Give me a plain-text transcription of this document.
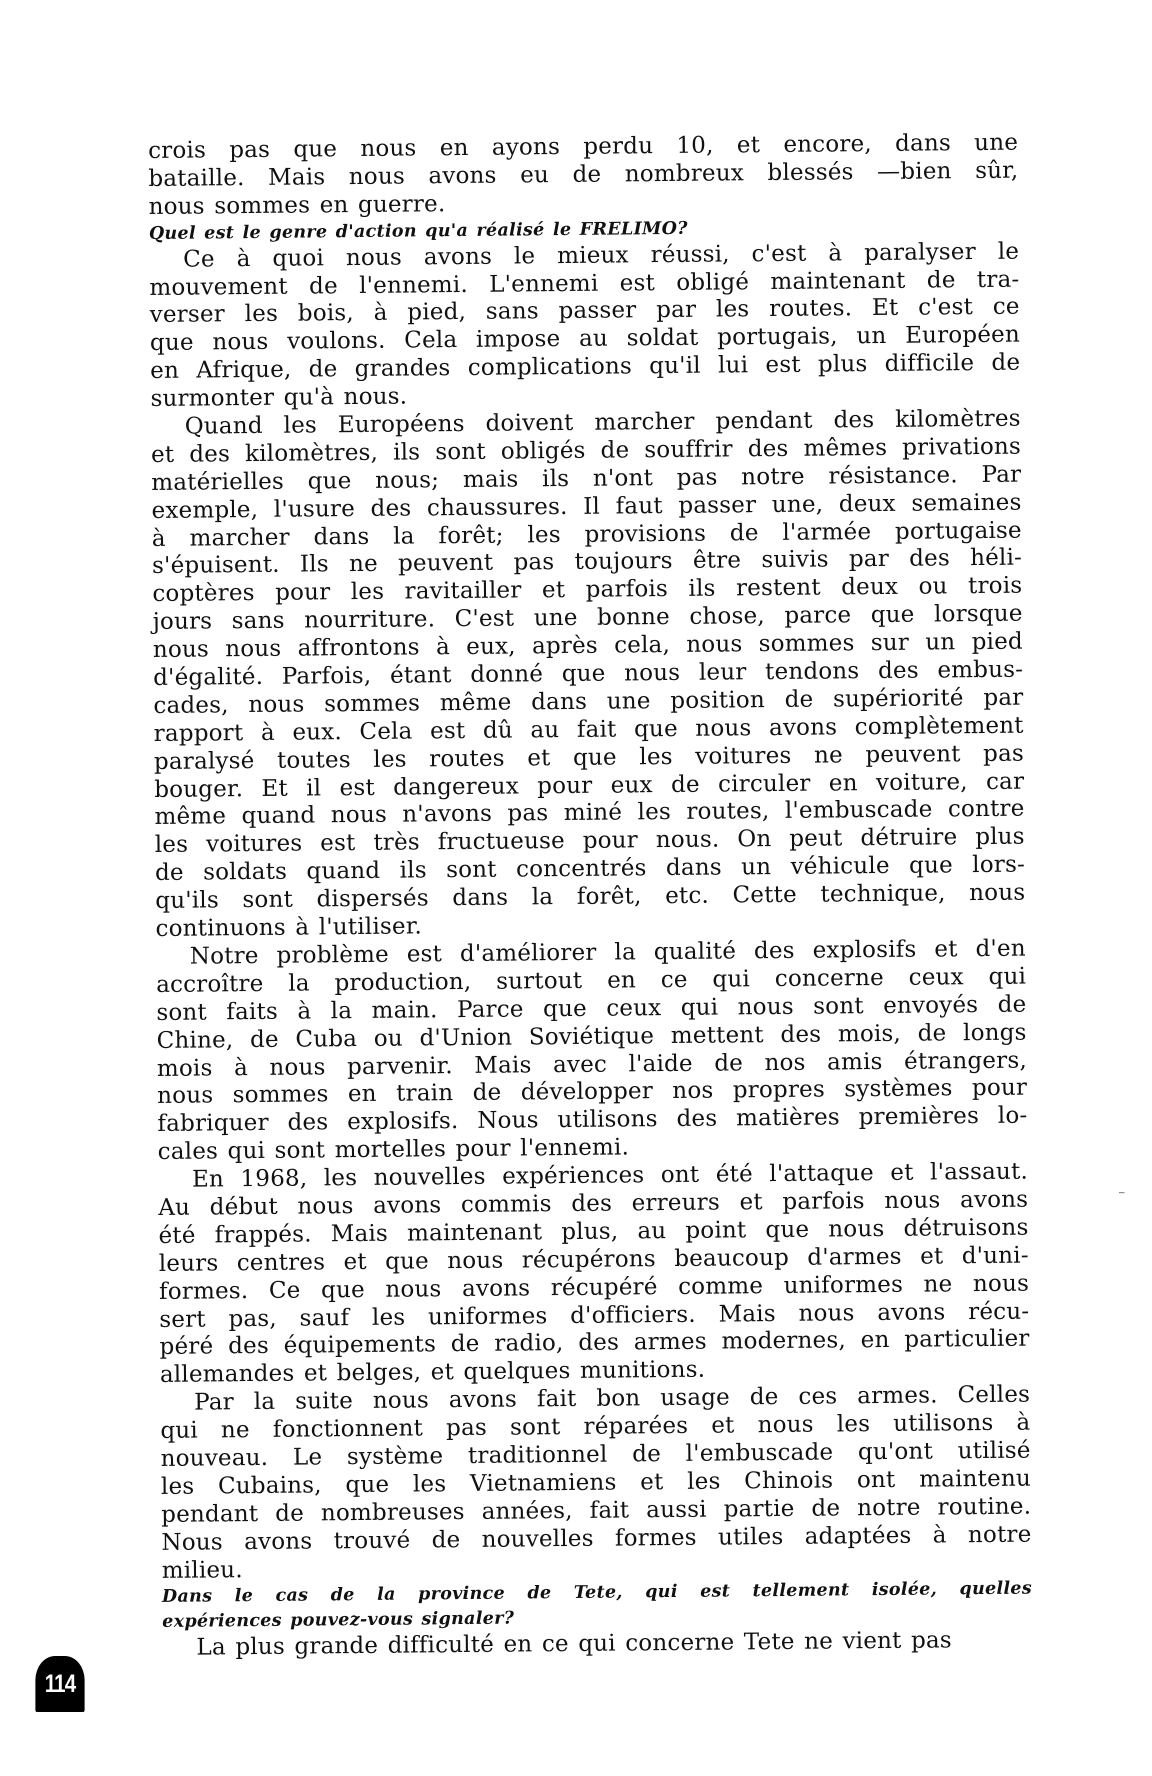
crois pas que nous en ayons perdu 10, et encore, dans une
bataille. Mais nous avons eu de nombreux blessés —bien sûr,
nous sommes en guerre.
Quel est le genre d'action qu'a réalisé le FRELIMO?
Ce à quoi nous avons le mieux réussi, c'est à paralyser le
mouvement de l'ennemi. L'ennemi est obligé maintenant de tra-
verser les bois, à pied, sans passer par les routes. Et c'est ce
que nous voulons. Cela impose au soldat portugais, un Européen
en Afrique, de grandes complications qu'il lui est plus difficile de
surmonter qu'à nous.
Quand les Européens doivent marcher pendant des kilomètres
et des kilomètres, ils sont obligés de souffrir des mêmes privations
matérielles que nous; mais ils n'ont pas notre résistance. Par
exemple, l'usure des chaussures. Il faut passer une, deux semaines
à marcher dans la forêt; les provisions de l'armée portugaise
s'épuisent. Ils ne peuvent pas toujours être suivis par des héli-
coptères pour les ravitailler et parfois ils restent deux ou trois
jours sans nourriture. C'est une bonne chose, parce que lorsque
nous nous affrontons à eux, après cela, nous sommes sur un pied
d'égalité. Parfois, étant donné que nous leur tendons des embus-
cades, nous sommes même dans une position de supériorité par
rapport à eux. Cela est dû au fait que nous avons complètement
paralysé toutes les routes et que les voitures ne peuvent pas
bouger. Et il est dangereux pour eux de circuler en voiture, car
même quand nous n'avons pas miné les routes, l'embuscade contre
les voitures est très fructueuse pour nous. On peut détruire plus
de soldats quand ils sont concentrés dans un véhicule que lors-
qu'ils sont dispersés dans la forêt, etc. Cette technique, nous
continuons à l'utiliser.
Notre problème est d'améliorer la qualité des explosifs et d'en
accroître la production, surtout en ce qui concerne ceux qui
sont faits à la main. Parce que ceux qui nous sont envoyés de
Chine, de Cuba ou d'Union Soviétique mettent des mois, de longs
mois à nous parvenir. Mais avec l'aide de nos amis étrangers,
nous sommes en train de développer nos propres systèmes pour
fabriquer des explosifs. Nous utilisons des matières premières lo-
cales qui sont mortelles pour l'ennemi.
En 1968, les nouvelles expériences ont été l'attaque et l'assaut.
Au début nous avons commis des erreurs et parfois nous avons
été frappés. Mais maintenant plus, au point que nous détruisons
leurs centres et que nous récupérons beaucoup d'armes et d'uni-
formes. Ce que nous avons récupéré comme uniformes ne nous
sert pas, sauf les uniformes d'officiers. Mais nous avons récu-
péré des équipements de radio, des armes modernes, en particulier
allemandes et belges, et quelques munitions.
Par la suite nous avons fait bon usage de ces armes. Celles
qui ne fonctionnent pas sont réparées et nous les utilisons à
nouveau. Le système traditionnel de l'embuscade qu'ont utilisé
les Cubains, que les Vietnamiens et les Chinois ont maintenu
pendant de nombreuses années, fait aussi partie de notre routine.
Nous avons trouvé de nouvelles formes utiles adaptées à notre
milieu.
Dans le cas de la province de Tete, qui est tellement isolée, quelles
expériences pouvez-vous signaler?
La plus grande difficulté en ce qui concerne Tete ne vient pas
114
⁻
